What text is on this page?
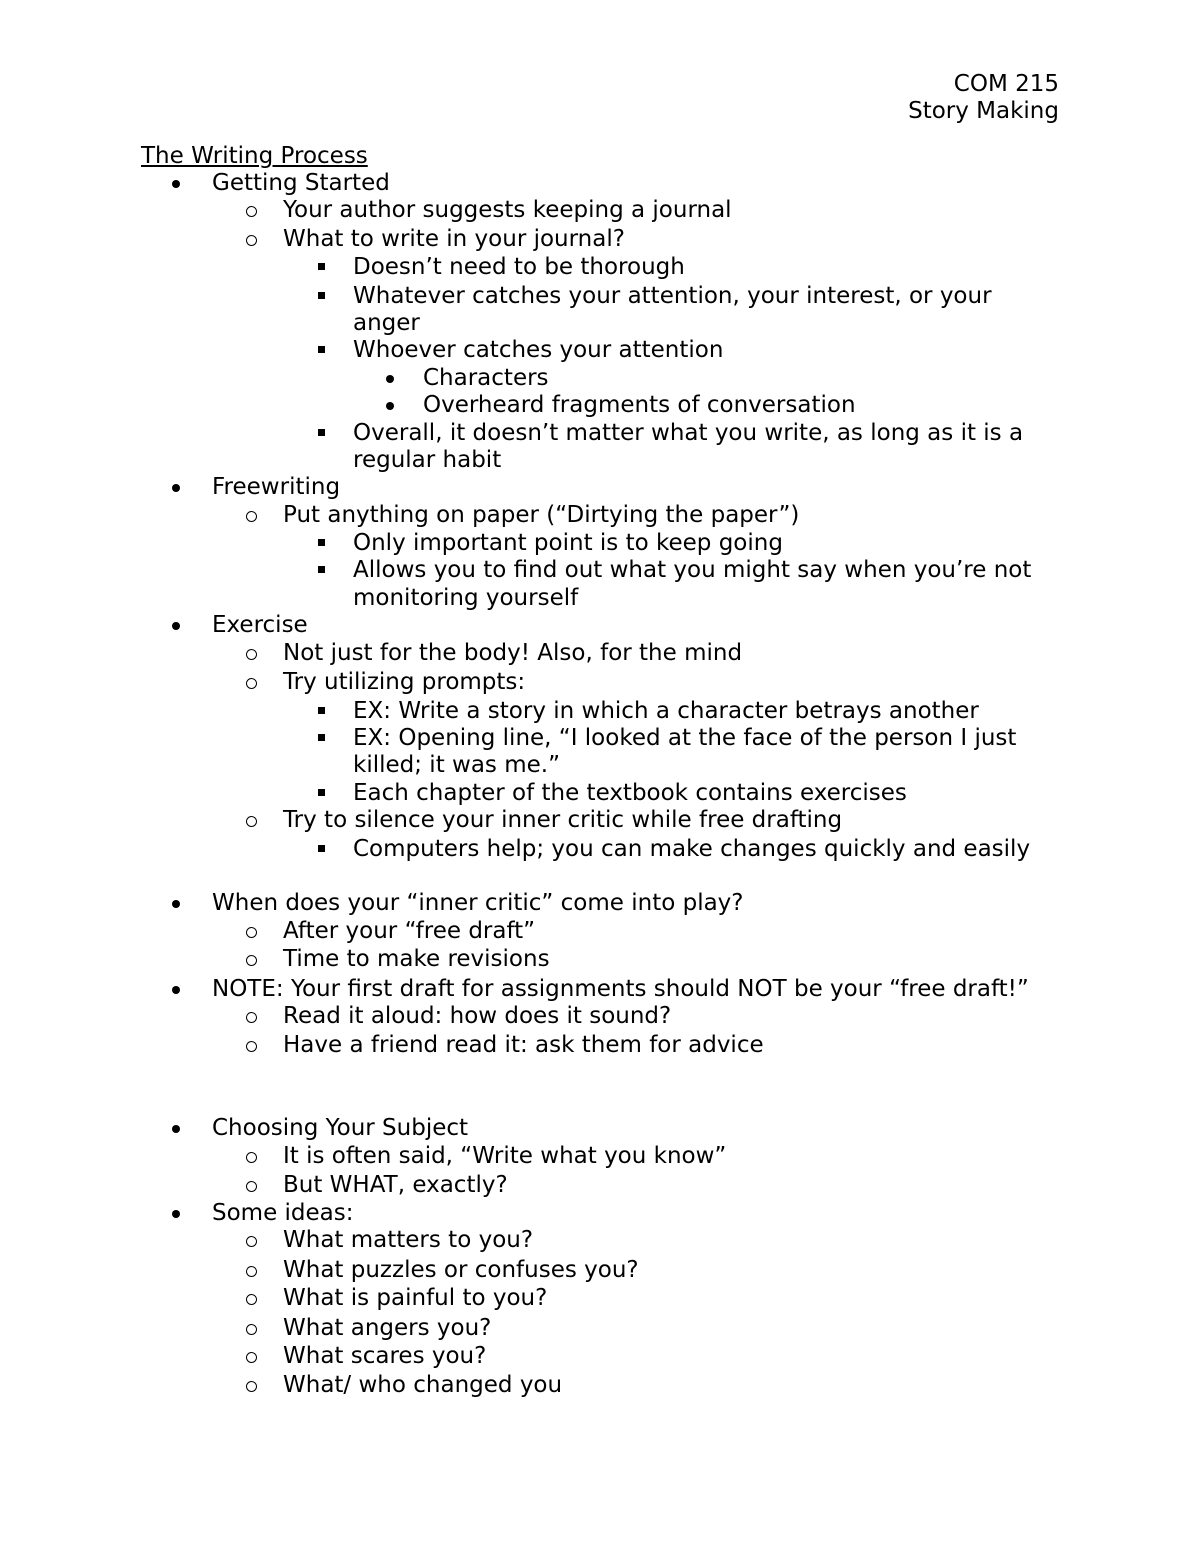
COM 215
Story Making
The Writing Process
Getting Started
Your author suggests keeping a journal
What to write in your journal?
Doesn’t need to be thorough
Whatever catches your attention, your interest, or your
anger
Whoever catches your attention
Characters
Overheard fragments of conversation
Overall, it doesn’t matter what you write, as long as it is a
regular habit
Freewriting
Put anything on paper (“Dirtying the paper”)
Only important point is to keep going
Allows you to find out what you might say when you’re not
monitoring yourself
Exercise
Not just for the body! Also, for the mind
Try utilizing prompts:
EX: Write a story in which a character betrays another
EX: Opening line, “I looked at the face of the person I just
killed; it was me.”
Each chapter of the textbook contains exercises
Try to silence your inner critic while free drafting
Computers help; you can make changes quickly and easily
When does your “inner critic” come into play?
After your “free draft”
Time to make revisions
NOTE: Your first draft for assignments should NOT be your “free draft!”
Read it aloud: how does it sound?
Have a friend read it: ask them for advice
Choosing Your Subject
It is often said, “Write what you know”
But WHAT, exactly?
Some ideas:
What matters to you?
What puzzles or confuses you?
What is painful to you?
What angers you?
What scares you?
What/ who changed you
